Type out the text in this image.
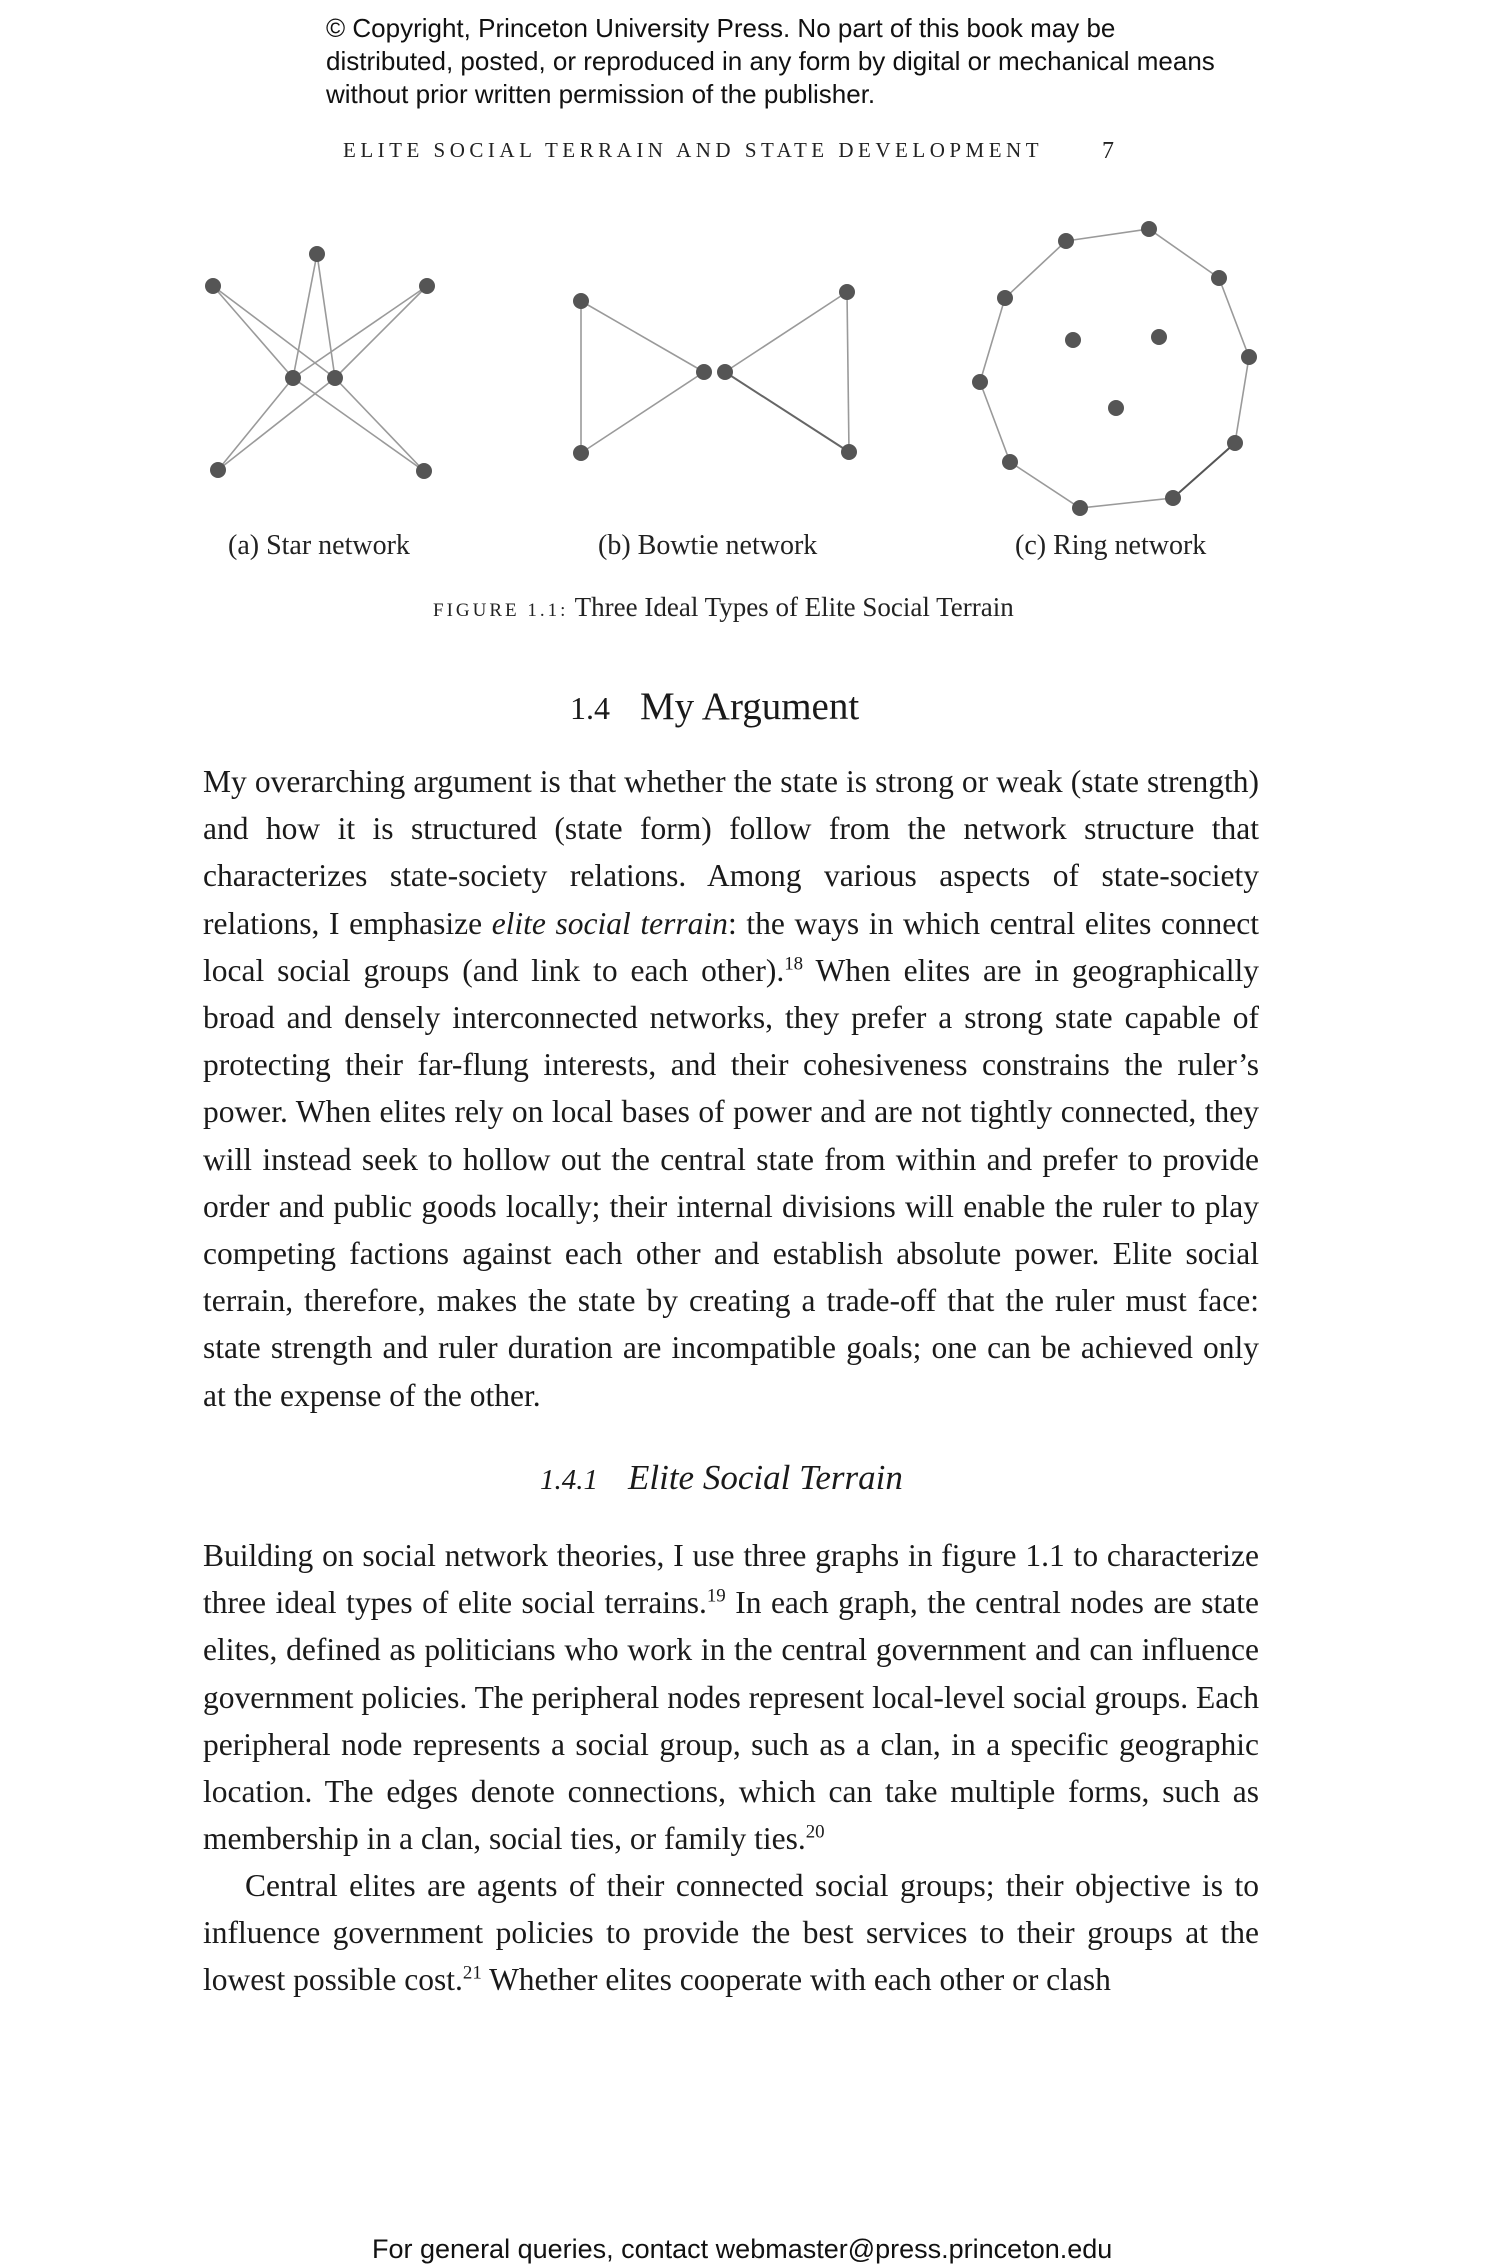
© Copyright, Princeton University Press. No part of this book may be distributed, posted, or reproduced in any form by digital or mechanical means without prior written permission of the publisher.
ELITE SOCIAL TERRAIN AND STATE DEVELOPMENT 7
(a) Star network	(b) Bowtie network	(c) Ring network
FIGURE 1.1: Three Ideal Types of Elite Social Terrain
1.4 My Argument

My overarching argument is that whether the state is strong or weak (state strength) and how it is structured (state form) follow from the network structure that characterizes state-society relations. Among various aspects of state-society relations, I emphasize elite social terrain: the ways in which central elites connect local social groups (and link to each other).$^{18}$ When elites are in geographically broad and densely interconnected networks, they prefer a strong state capable of protecting their far-flung interests, and their cohesiveness constrains the ruler’s power. When elites rely on local bases of power and are not tightly connected, they will instead seek to hollow out the central state from within and prefer to provide order and public goods locally; their internal divisions will enable the ruler to play competing factions against each other and establish absolute power. Elite social terrain, therefore, makes the state by creating a trade-off that the ruler must face: state strength and ruler duration are incompatible goals; one can be achieved only at the expense of the other.

1.4.1 Elite Social Terrain

Building on social network theories, I use three graphs in figure 1.1 to characterize three ideal types of elite social terrains.$^{19}$ In each graph, the central nodes are state elites, defined as politicians who work in the central government and can influence government policies. The peripheral nodes represent local-level social groups. Each peripheral node represents a social group, such as a clan, in a specific geographic location. The edges denote connections, which can take multiple forms, such as membership in a clan, social ties, or family ties.$^{20}$

Central elites are agents of their connected social groups; their objective is to influence government policies to provide the best services to their groups at the lowest possible cost.$^{21}$ Whether elites cooperate with each other or clash

For general queries, contact webmaster@press.princeton.edu
